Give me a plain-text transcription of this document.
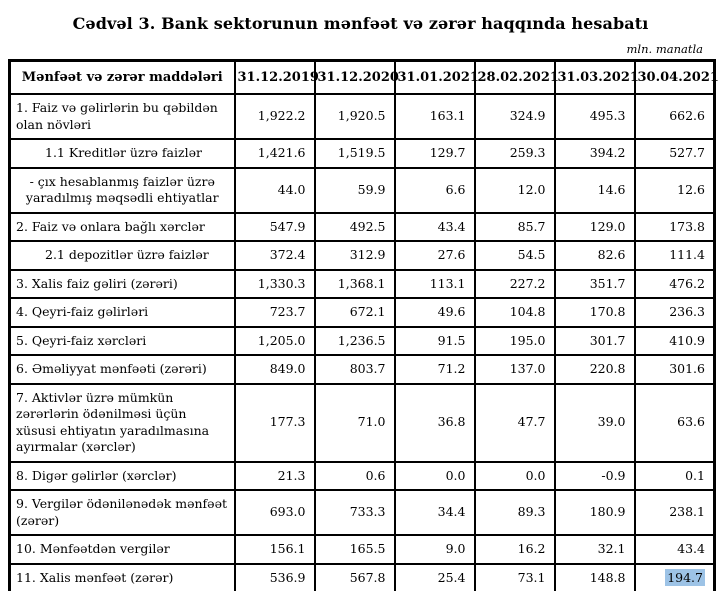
Cədvəl 3. Bank sektorunun mənfəət və zərər haqqında hesabatı
mln. manatla
Mənfəət və zərər maddələri	31.12.2019	31.12.2020	31.01.2021	28.02.2021	31.03.2021	30.04.2021
1. Faiz və gəlirlərin bu qəbildən olan növləri	1,922.2	1,920.5	163.1	324.9	495.3	662.6
1.1 Kreditlər üzrə faizlər	1,421.6	1,519.5	129.7	259.3	394.2	527.7
- çıx hesablanmış faizlər üzrə yaradılmış məqsədli ehtiyatlar	44.0	59.9	6.6	12.0	14.6	12.6
2. Faiz və onlara bağlı xərclər	547.9	492.5	43.4	85.7	129.0	173.8
2.1 depozitlər üzrə faizlər	372.4	312.9	27.6	54.5	82.6	111.4
3. Xalis faiz gəliri (zərəri)	1,330.3	1,368.1	113.1	227.2	351.7	476.2
4. Qeyri-faiz gəlirləri	723.7	672.1	49.6	104.8	170.8	236.3
5. Qeyri-faiz xərcləri	1,205.0	1,236.5	91.5	195.0	301.7	410.9
6. Əməliyyat mənfəəti (zərəri)	849.0	803.7	71.2	137.0	220.8	301.6
7. Aktivlər üzrə mümkün zərərlərin ödənilməsi üçün xüsusi ehtiyatın yaradılmasına ayırmalar (xərclər)	177.3	71.0	36.8	47.7	39.0	63.6
8. Digər gəlirlər (xərclər)	21.3	0.6	0.0	0.0	-0.9	0.1
9. Vergilər ödənilənədək mənfəət (zərər)	693.0	733.3	34.4	89.3	180.9	238.1
10. Mənfəətdən vergilər	156.1	165.5	9.0	16.2	32.1	43.4
11. Xalis mənfəət (zərər)	536.9	567.8	25.4	73.1	148.8	194.7
